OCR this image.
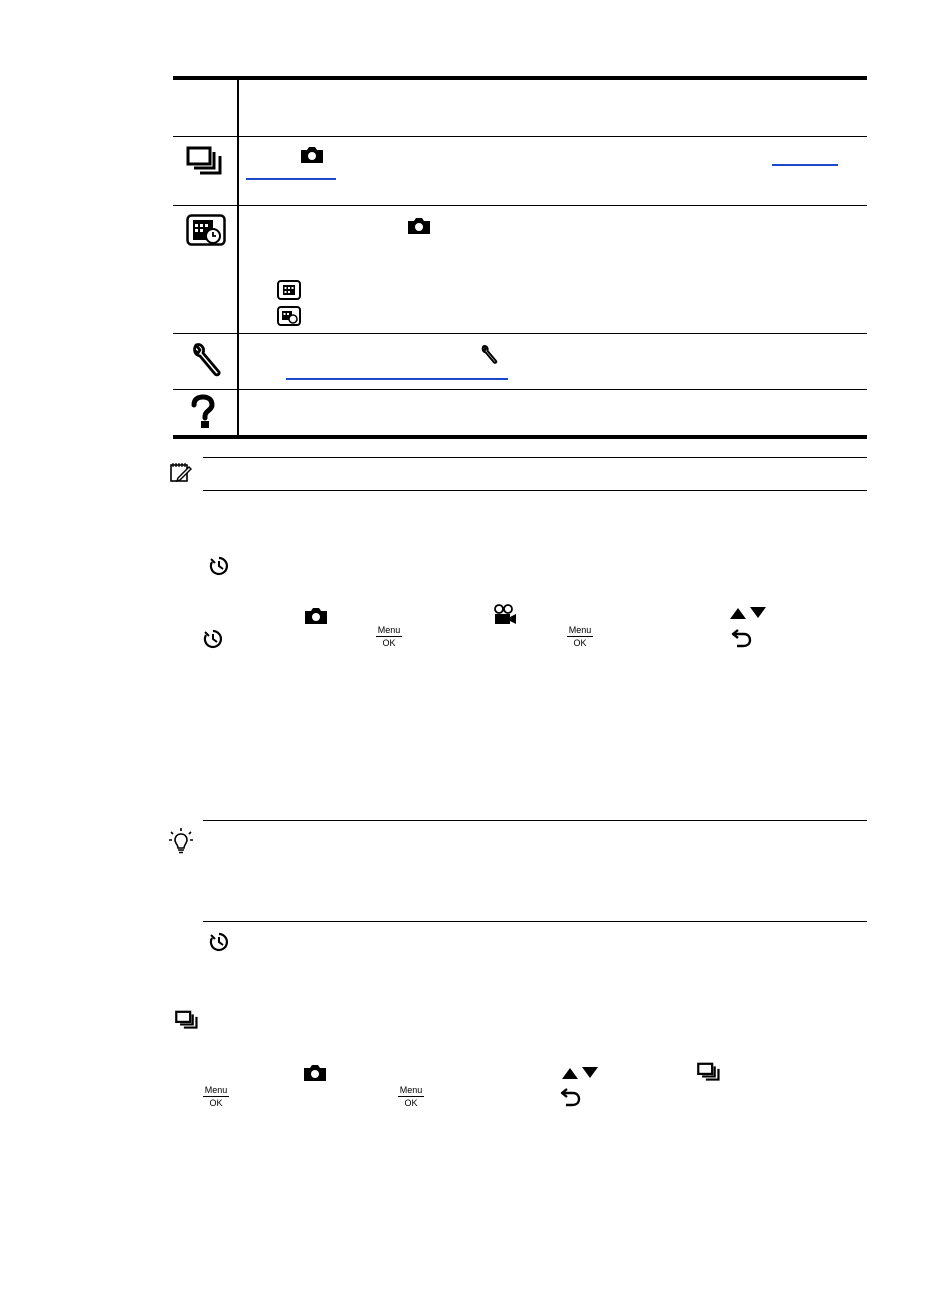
Menu
OK
Menu
OK
Menu
OK
Menu
OK
